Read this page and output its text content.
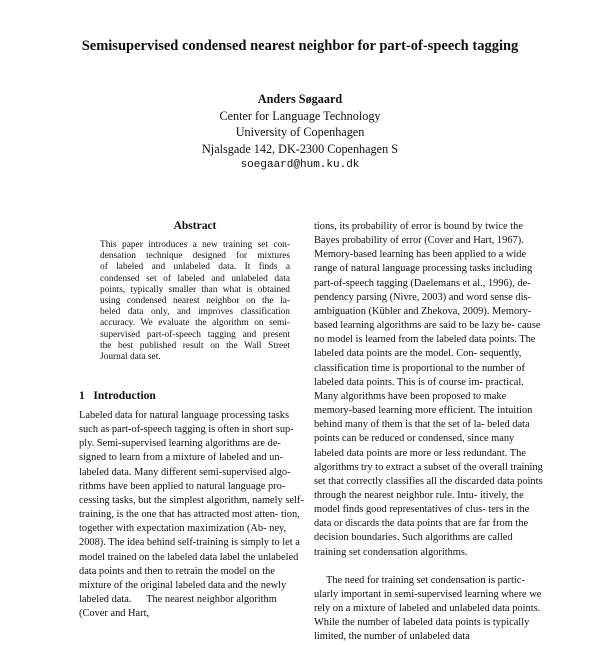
Semisupervised condensed nearest neighbor for part-of-speech tagging
Anders Søgaard
Center for Language Technology
University of Copenhagen
Njalsgade 142, DK-2300 Copenhagen S
soegaard@hum.ku.dk
Abstract
This paper introduces a new training set con-
densation technique designed for mixtures
of labeled and unlabeled data. It finds a
condensed set of labeled and unlabeled data
points, typically smaller than what is obtained
using condensed nearest neighbor on the la-
beled data only, and improves classification
accuracy. We evaluate the algorithm on semi-
supervised part-of-speech tagging and present
the best published result on the Wall Street
Journal data set.
1 Introduction
Labeled data for natural language processing tasks such as part-of-speech tagging is often in short sup- ply. Semi-supervised learning algorithms are de- signed to learn from a mixture of labeled and un- labeled data. Many different semi-supervised algo- rithms have been applied to natural language pro- cessing tasks, but the simplest algorithm, namely self-training, is the one that has attracted most atten- tion, together with expectation maximization (Ab- ney, 2008). The idea behind self-training is simply to let a model trained on the labeled data label the unlabeled data points and then to retrain the model on the mixture of the original labeled data and the newly labeled data. The nearest neighbor algorithm (Cover and Hart,
tions, its probability of error is bound by twice the Bayes probability of error (Cover and Hart, 1967). Memory-based learning has been applied to a wide range of natural language processing tasks including part-of-speech tagging (Daelemans et al., 1996), de- pendency parsing (Nivre, 2003) and word sense dis- ambiguation (Kübler and Zhekova, 2009). Memory- based learning algorithms are said to be lazy be- cause no model is learned from the labeled data points. The labeled data points are the model. Con- sequently, classification time is proportional to the number of labeled data points. This is of course im- practical. Many algorithms have been proposed to make memory-based learning more efficient. The intuition behind many of them is that the set of la- beled data points can be reduced or condensed, since many labeled data points are more or less redundant. The algorithms try to extract a subset of the overall training set that correctly classifies all the discarded data points through the nearest neighbor rule. Intu- itively, the model finds good representatives of clus- ters in the data or discards the data points that are far from the decision boundaries. Such algorithms are called training set condensation algorithms.
The need for training set condensation is partic- ularly important in semi-supervised learning where we rely on a mixture of labeled and unlabeled data points. While the number of labeled data points is typically limited, the number of unlabeled data
